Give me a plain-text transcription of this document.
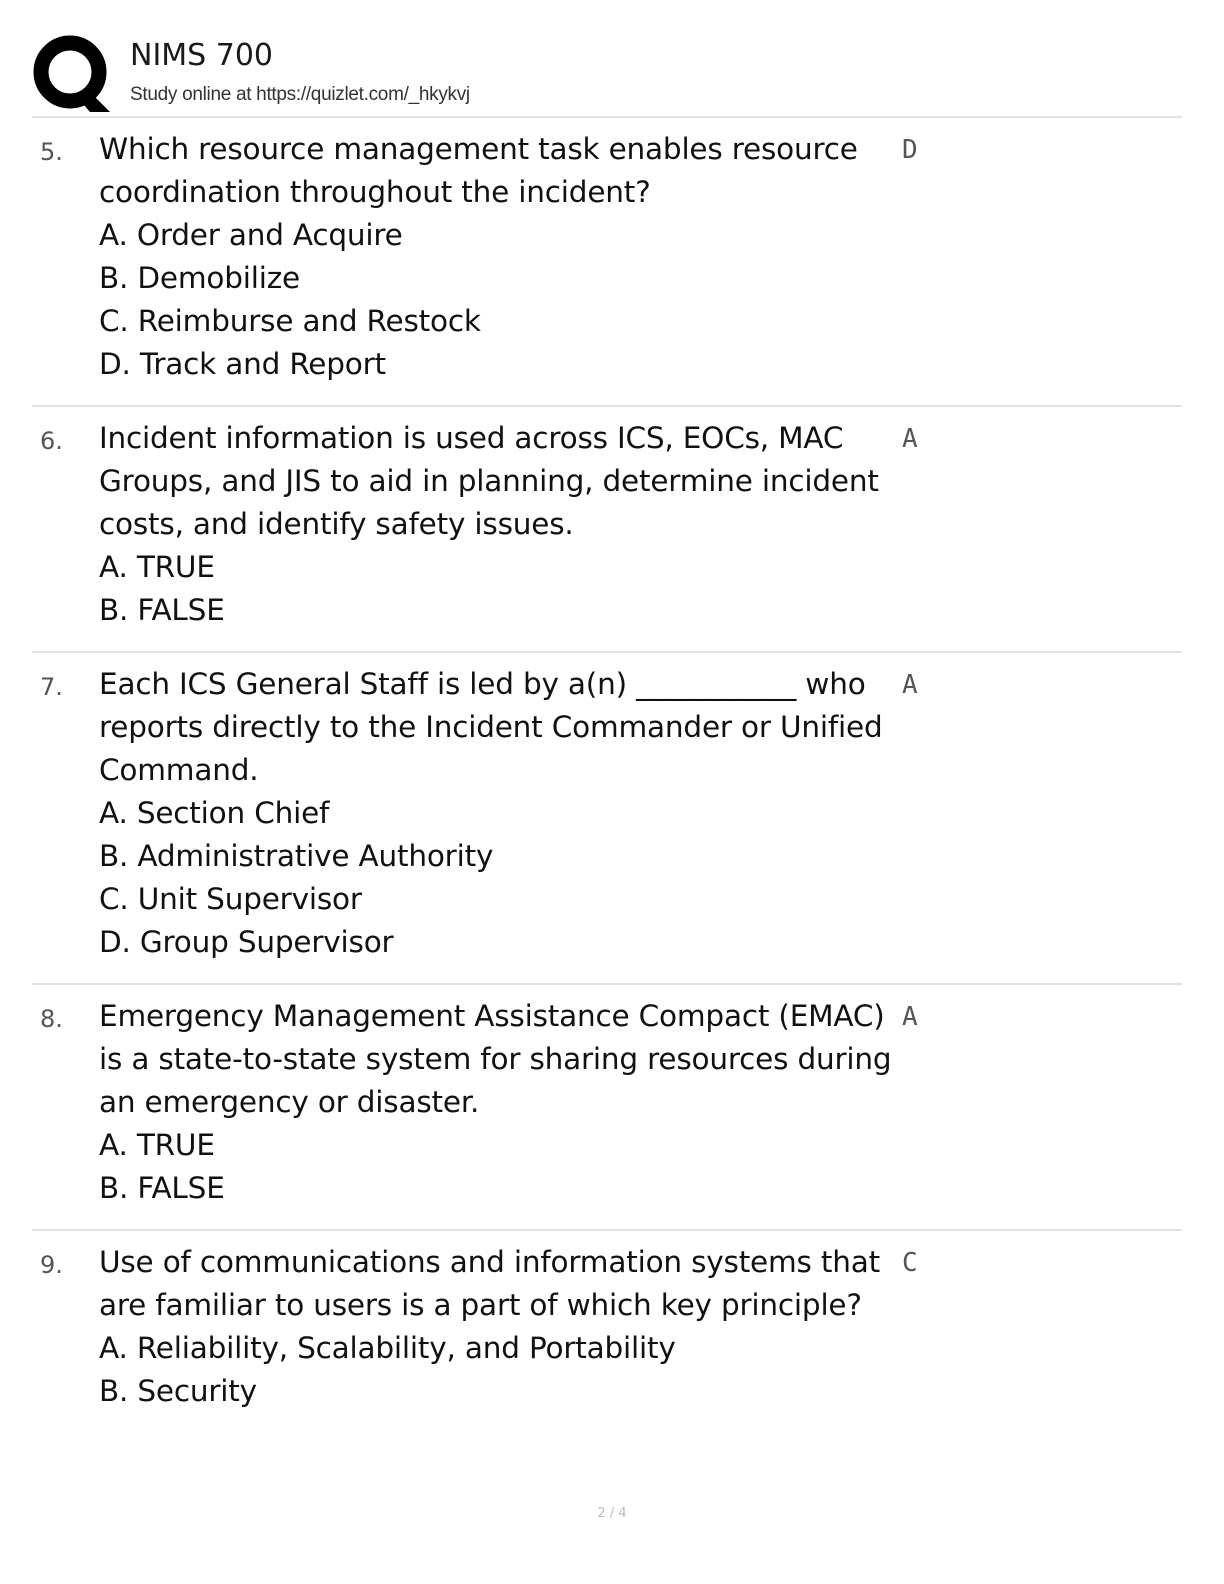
NIMS 700
Study online at https://quizlet.com/_hkykvj
5. Which resource management task enables resource
coordination throughout the incident?
A. Order and Acquire
B. Demobilize
C. Reimburse and Restock
D. Track and Report
D
6. Incident information is used across ICS, EOCs, MAC
Groups, and JIS to aid in planning, determine incident
costs, and identify safety issues.
A. TRUE
B. FALSE
A
7. Each ICS General Staff is led by a(n) ___________ who
reports directly to the Incident Commander or Unified
Command.
A. Section Chief
B. Administrative Authority
C. Unit Supervisor
D. Group Supervisor
A
8. Emergency Management Assistance Compact (EMAC)
is a state-to-state system for sharing resources during
an emergency or disaster.
A. TRUE
B. FALSE
A
9. Use of communications and information systems that
are familiar to users is a part of which key principle?
A. Reliability, Scalability, and Portability
B. Security
C
2 / 4
